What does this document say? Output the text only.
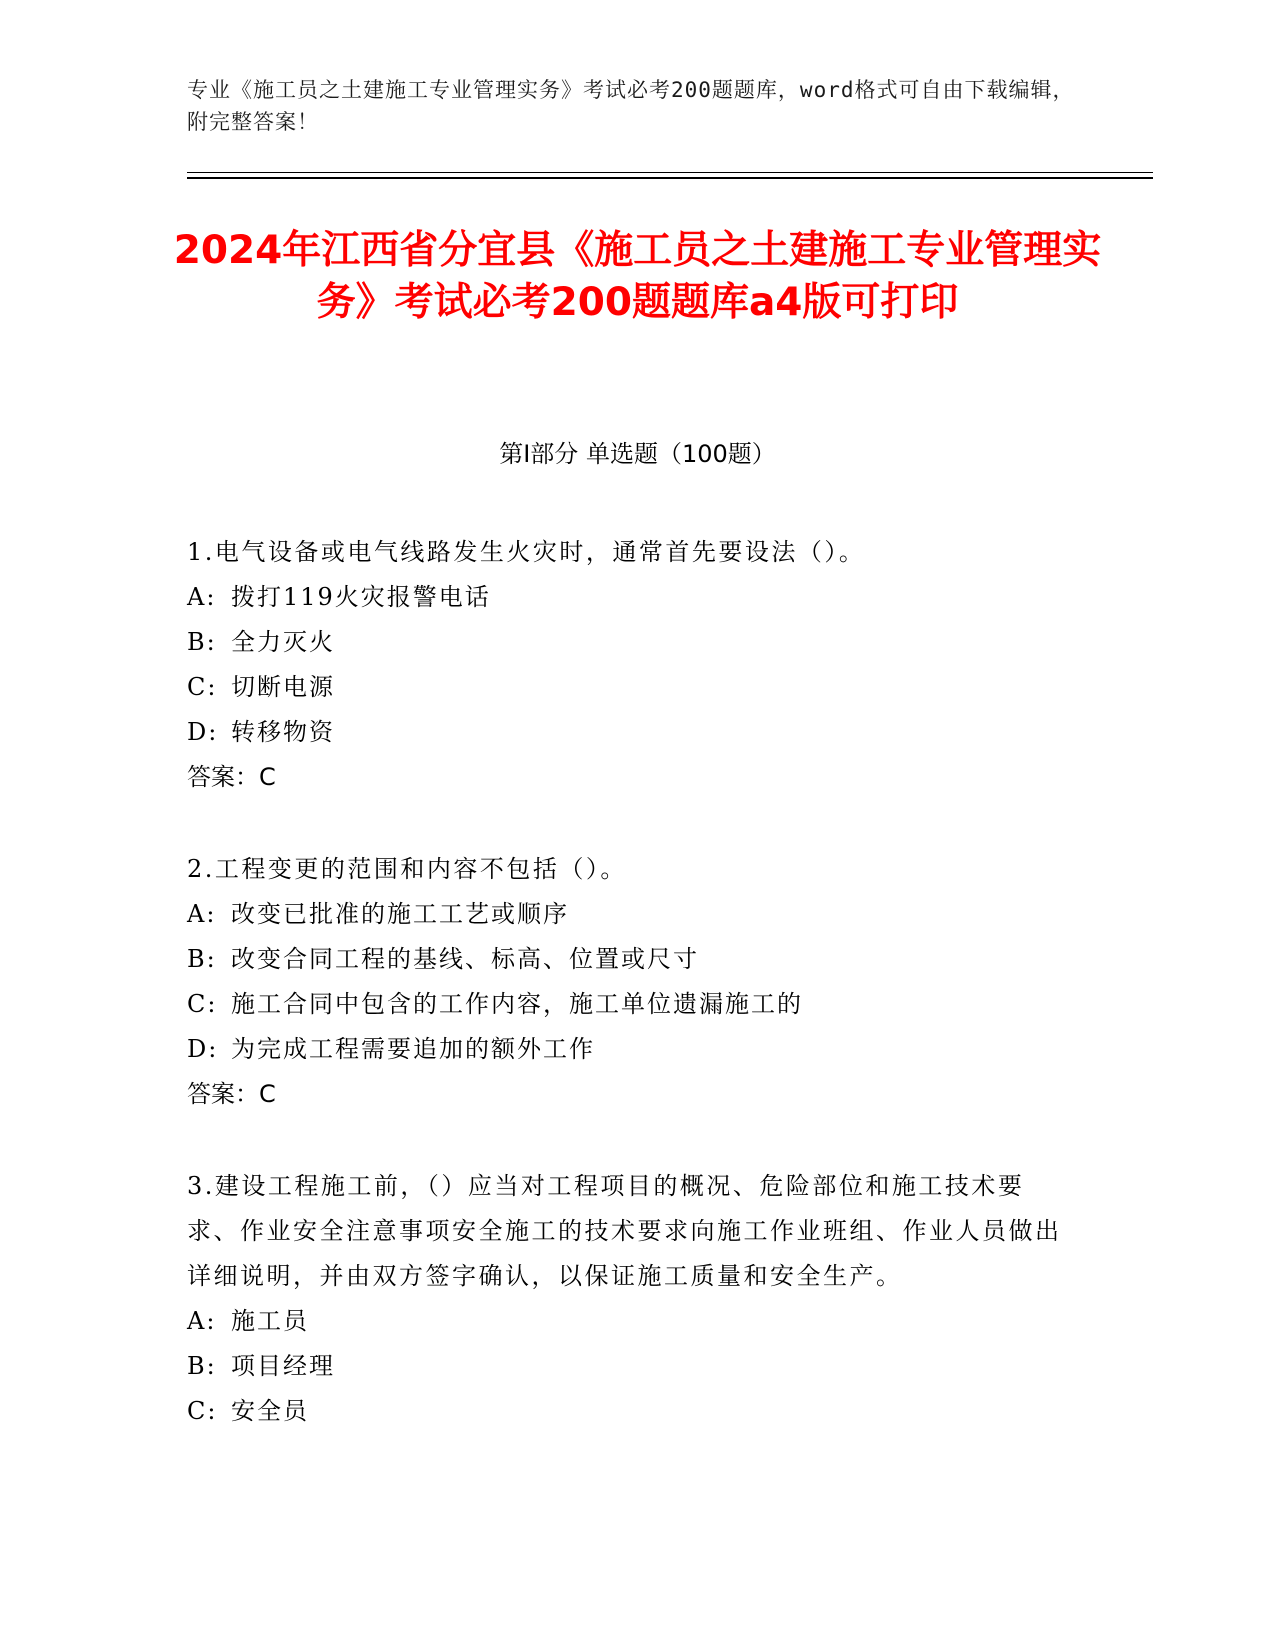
专业《施工员之土建施工专业管理实务》考试必考200题题库，word格式可自由下载编辑，附完整答案！
2024年江西省分宜县《施工员之土建施工专业管理实务》考试必考200题题库a4版可打印
第I部分 单选题（100题）
1.电气设备或电气线路发生火灾时，通常首先要设法（）。
A: 拨打119火灾报警电话
B: 全力灭火
C: 切断电源
D: 转移物资
答案：C
2.工程变更的范围和内容不包括（）。
A: 改变已批准的施工工艺或顺序
B: 改变合同工程的基线、标高、位置或尺寸
C: 施工合同中包含的工作内容，施工单位遗漏施工的
D: 为完成工程需要追加的额外工作
答案：C
3.建设工程施工前，（）应当对工程项目的概况、危险部位和施工技术要求、作业安全注意事项安全施工的技术要求向施工作业班组、作业人员做出详细说明，并由双方签字确认，以保证施工质量和安全生产。
A: 施工员
B: 项目经理
C: 安全员
